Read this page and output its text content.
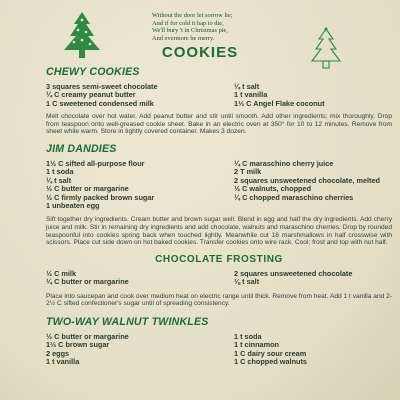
Without the door let sorrow lie;
And if for cold it hap to die,
We'll bury 't in Christmas pie,
And evermore be merry.
COOKIES
CHEWY COOKIES
3 squares semi-sweet chocolate	¼ t salt
¼ C creamy peanut butter	1 t vanilla
1 C sweetened condensed milk	1⅓ C Angel Flake coconut
Melt chocolate over hot water. Add peanut butter and stir until smooth. Add other ingredients; mix thoroughly. Drop from teaspoon onto well-greased cookie sheet. Bake in an electric oven at 350° for 10 to 12 minutes. Remove from sheet while warm. Store in tightly covered container. Makes 3 dozen.
JIM DANDIES
1½ C sifted all-purpose flour	¼ C maraschino cherry juice
1 t soda	2 T milk
¼ t salt	2 squares unsweetened chocolate, melted
½ C butter or margarine	½ C walnuts, chopped
½ C firmly packed brown sugar	¼ C chopped maraschino cherries
1 unbeaten egg
Sift together dry ingredients. Cream butter and brown sugar well. Blend in egg and half the dry ingredients. Add cherry juice and milk. Stir in remaining dry ingredients and add chocolate, walnuts and maraschino cherries. Drop by rounded teaspoonful into cookies spring back when touched lightly. Meanwhile cut 18 marshmallows in half crosswise with scissors. Place cut side down on hot baked cookies. Transfer cookies onto wire rack. Cool; frost and top with nut half.
CHOCOLATE FROSTING
½ C milk	2 squares unsweetened chocolate
¼ C butter or margarine	⅛ t salt
Place into saucepan and cook over medium heat on electric range until thick. Remove from heat. Add 1 t vanilla and 2-2½ C sifted confectioner's sugar until of spreading consistency.
TWO-WAY WALNUT TWINKLES
½ C butter or margarine	1 t soda
1⅓ C brown sugar	1 t cinnamon
2 eggs	1 C dairy sour cream
1 t vanilla	1 C chopped walnuts
